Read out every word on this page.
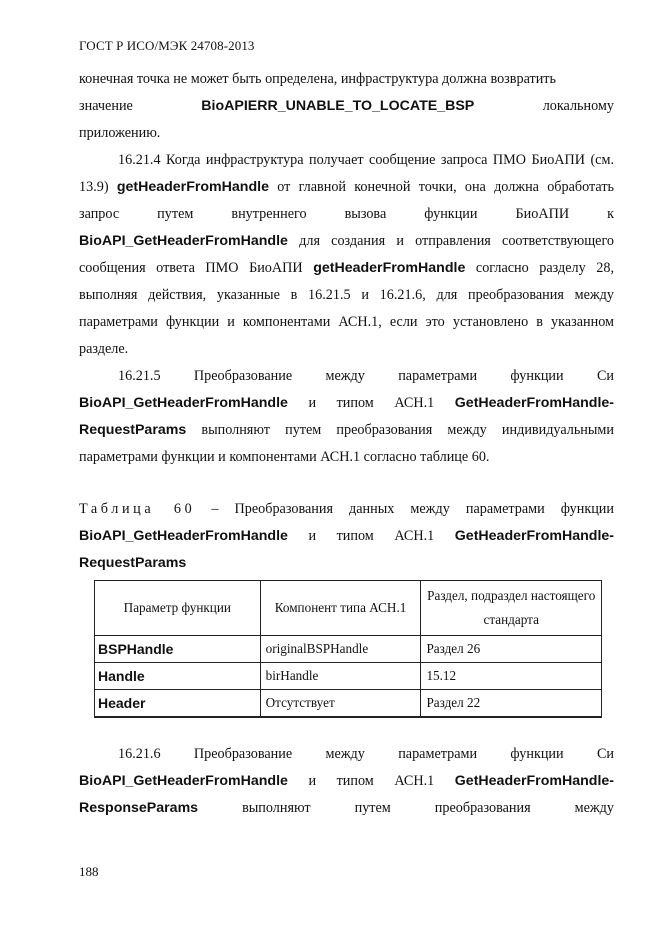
ГОСТ Р ИСО/МЭК 24708-2013

конечная точка не может быть определена, инфраструктура должна возвратить

значение	BioAPIERR_UNABLE_TO_LOCATE_BSP	локальному

приложению.

16.21.4 Когда инфраструктура получает сообщение запроса ПМО БиоАПИ (см. 13.9) getHeaderFromHandle от главной конечной точки, она должна обработать запрос путем внутреннего вызова функции БиоАПИ к BioAPI_GetHeaderFromHandle для создания и отправления соответствующего сообщения ответа ПМО БиоАПИ getHeaderFromHandle согласно разделу 28, выполняя действия, указанные в 16.21.5 и 16.21.6, для преобразования между параметрами функции и компонентами АСН.1, если это установлено в указанном разделе.

16.21.5 Преобразование между параметрами функции Си BioAPI_GetHeaderFromHandle и типом АСН.1 GetHeaderFromHandle-RequestParams выполняют путем преобразования между индивидуальными параметрами функции и компонентами АСН.1 согласно таблице 60.

Таблица 60 – Преобразования данных между параметрами функции BioAPI_GetHeaderFromHandle и типом АСН.1 GetHeaderFromHandle-RequestParams

Параметр функции	Компонент типа АСН.1	Раздел, подраздел настоящего стандарта
BSPHandle	originalBSPHandle	Раздел 26
Handle	birHandle	15.12
Header	Отсутствует	Раздел 22

16.21.6 Преобразование между параметрами функции Си BioAPI_GetHeaderFromHandle и типом АСН.1 GetHeaderFromHandle-ResponseParams	выполняют путем преобразования между

188
